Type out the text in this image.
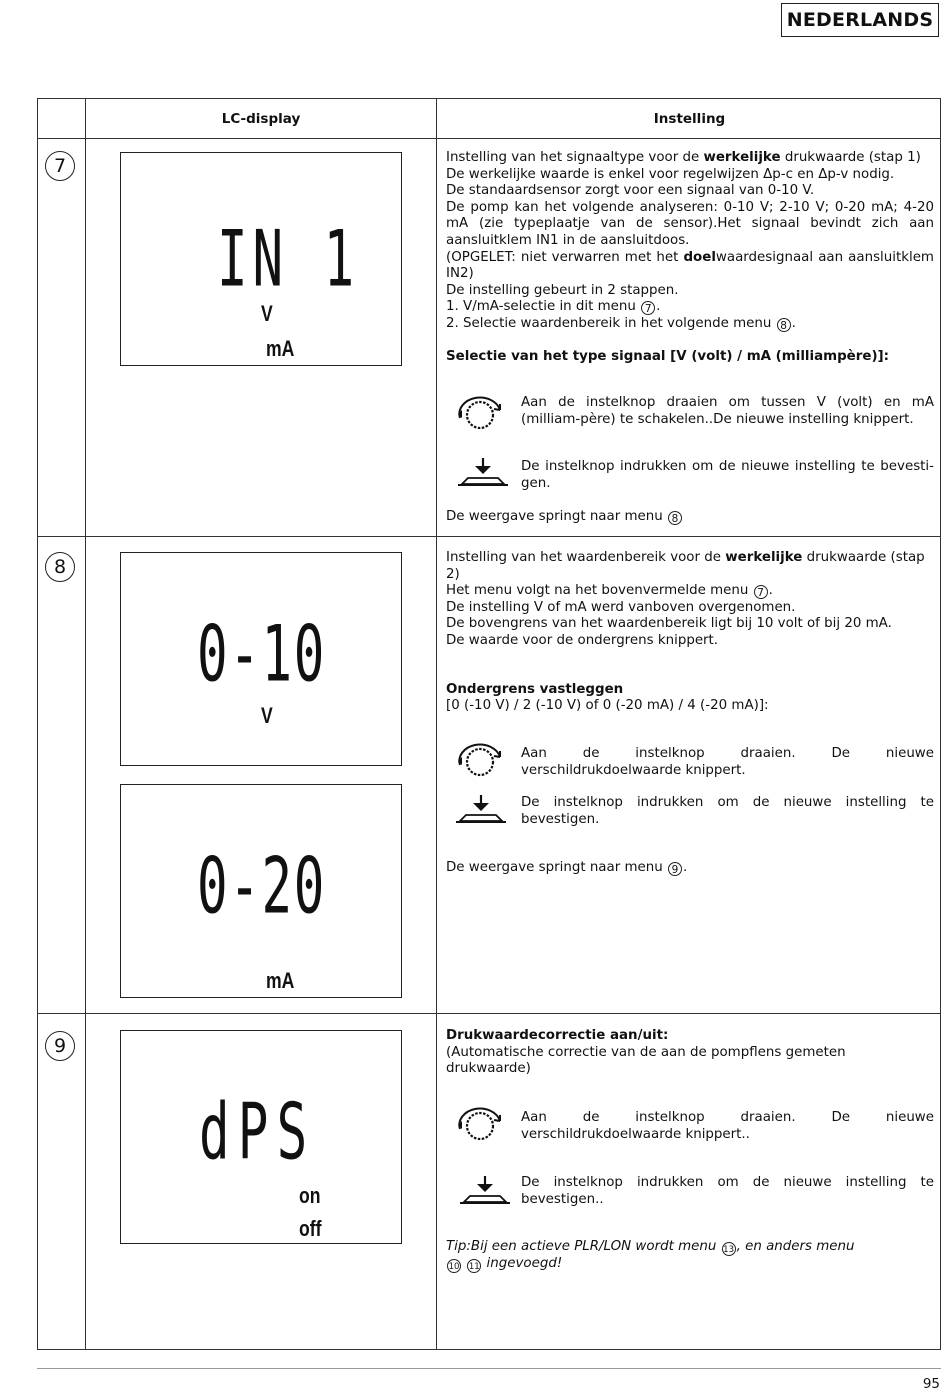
NEDERLANDS
LC-display	Instelling
7
8
9
IN 1
V
mA
0-10
V
0-20
mA
dPS
on
off

Instelling van het signaaltype voor de werkelijke drukwaarde (stap 1)

De werkelijke waarde is enkel voor regelwijzen Δp-c en Δp-v nodig.

De standaardsensor zorgt voor een signaal van 0-10 V.

De pomp kan het volgende analyseren: 0-10 V; 2-10 V; 0-20 mA; 4-20 mA (zie typeplaatje van de sensor).Het signaal bevindt zich aan aansluitklem IN1 in de aansluitdoos.

(OPGELET: niet verwarren met het doelwaardesignaal aan aansluitklem IN2)

De instelling gebeurt in 2 stappen.

1. V/mA-selectie in dit menu 7 .

2. Selectie waardenbereik in het volgende menu 8 .

Selectie van het type signaal [V (volt) / mA (milliampère)]:

Aan de instelknop draaien om tussen V (volt) en mA (milliam-père) te schakelen..De nieuwe instelling knippert.
De instelknop indrukken om de nieuwe instelling te bevesti-gen.
De weergave springt naar menu 8

Instelling van het waardenbereik voor de werkelijke drukwaarde (stap 2)

Het menu volgt na het bovenvermelde menu 7 .

De instelling V of mA werd vanboven overgenomen.

De bovengrens van het waardenbereik ligt bij 10 volt of bij 20 mA.

De waarde voor de ondergrens knippert.

Ondergrens vastleggen

[0 (-10 V) / 2 (-10 V) of 0 (-20 mA) / 4 (-20 mA)]:

Aan de instelknop draaien. De nieuwe verschildrukdoelwaarde knippert.
De instelknop indrukken om de nieuwe instelling te bevestigen.
De weergave springt naar menu 9 .

Drukwaardecorrectie aan/uit:

(Automatische correctie van de aan de pompflens gemeten drukwaarde)

Aan de instelknop draaien. De nieuwe verschildrukdoelwaarde knippert..
De instelknop indrukken om de nieuwe instelling te bevestigen..

Tip:Bij een actieve PLR/LON wordt menu 13 , en anders menu

10 11 ingevoegd!

95
